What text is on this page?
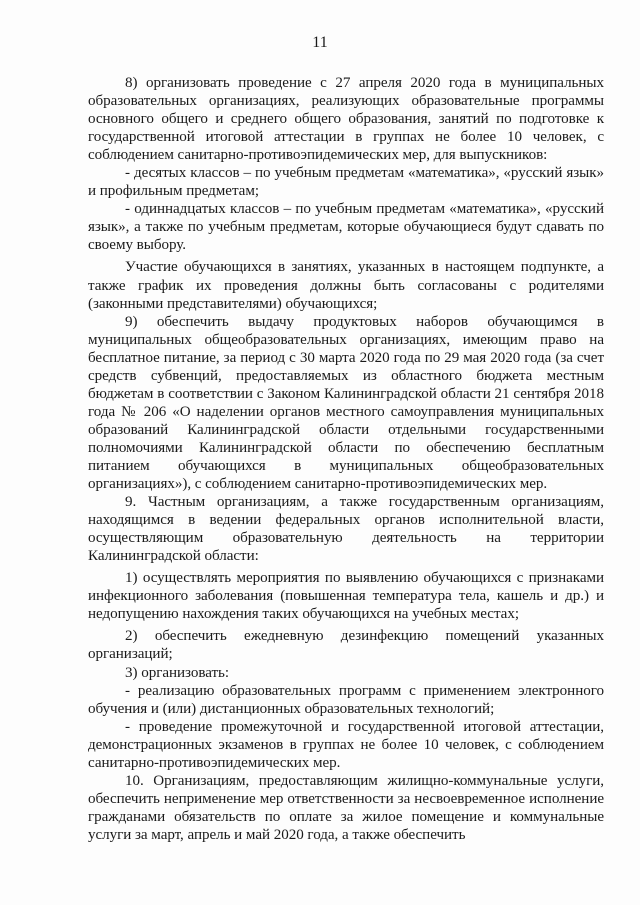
11

8) организовать проведение с 27 апреля 2020 года в муниципальных образовательных организациях, реализующих образовательные программы основного общего и среднего общего образования, занятий по подготовке к государственной итоговой аттестации в группах не более 10 человек, с соблюдением санитарно-противоэпидемических мер, для выпускников:

- десятых классов – по учебным предметам «математика», «русский язык» и профильным предметам;

- одиннадцатых классов – по учебным предметам «математика», «русский язык», а также по учебным предметам, которые обучающиеся будут сдавать по своему выбору.

Участие обучающихся в занятиях, указанных в настоящем подпункте, а также график их проведения должны быть согласованы с родителями (законными представителями) обучающихся;

9) обеспечить выдачу продуктовых наборов обучающимся в муниципальных общеобразовательных организациях, имеющим право на бесплатное питание, за период с 30 марта 2020 года по 29 мая 2020 года (за счет средств субвенций, предоставляемых из областного бюджета местным бюджетам в соответствии с Законом Калининградской области 21 сентября 2018 года № 206 «О наделении органов местного самоуправления муниципальных образований Калининградской области отдельными государственными полномочиями Калининградской области по обеспечению бесплатным питанием обучающихся в муниципальных общеобразовательных организациях»), с соблюдением санитарно-противоэпидемических мер.

9. Частным организациям, а также государственным организациям, находящимся в ведении федеральных органов исполнительной власти, осуществляющим образовательную деятельность на территории Калининградской области:

1) осуществлять мероприятия по выявлению обучающихся с признаками инфекционного заболевания (повышенная температура тела, кашель и др.) и недопущению нахождения таких обучающихся на учебных местах;

2) обеспечить ежедневную дезинфекцию помещений указанных организаций;

3) организовать:

- реализацию образовательных программ с применением электронного обучения и (или) дистанционных образовательных технологий;

- проведение промежуточной и государственной итоговой аттестации, демонстрационных экзаменов в группах не более 10 человек, с соблюдением санитарно-противоэпидемических мер.

10. Организациям, предоставляющим жилищно-коммунальные услуги, обеспечить неприменение мер ответственности за несвоевременное исполнение гражданами обязательств по оплате за жилое помещение и коммунальные услуги за март, апрель и май 2020 года, а также обеспечить
